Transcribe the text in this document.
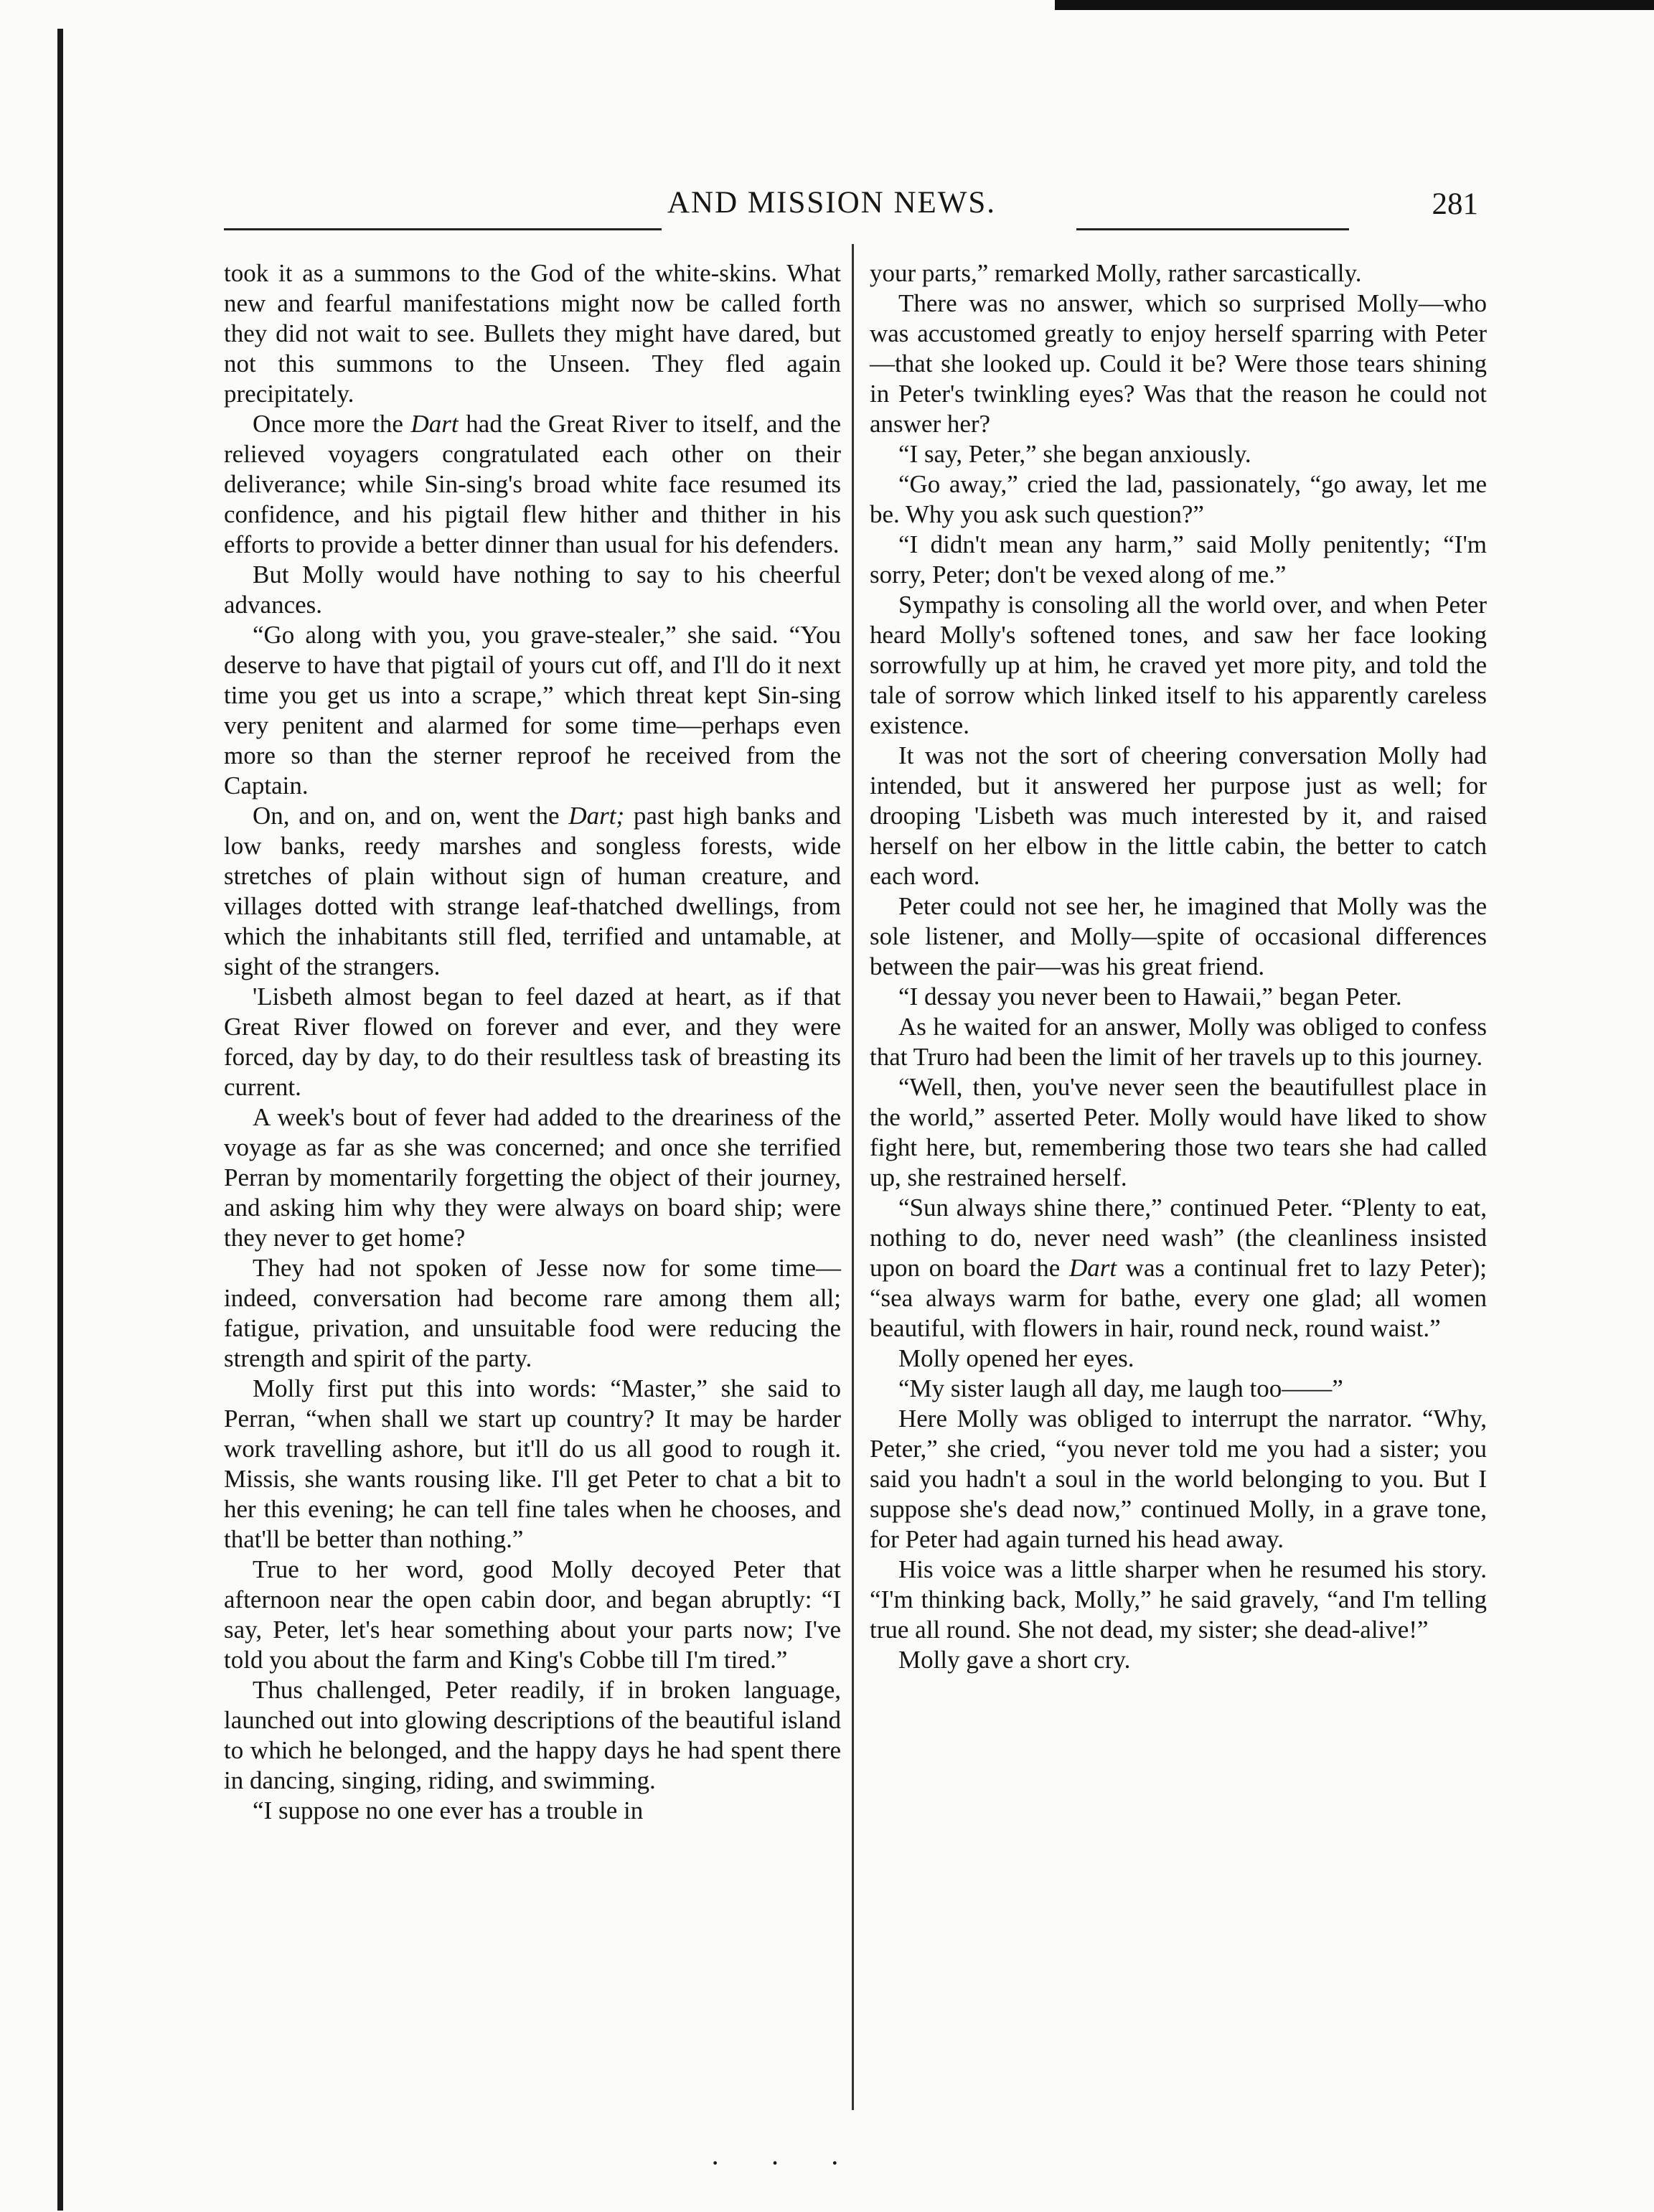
AND MISSION NEWS.	281

took it as a summons to the God of the white-skins. What new and fearful manifestations might now be called forth they did not wait to see. Bullets they might have dared, but not this summons to the Unseen. They fled again precipitately.

Once more the Dart had the Great River to itself, and the relieved voyagers congratulated each other on their deliverance; while Sin-sing's broad white face resumed its confidence, and his pigtail flew hither and thither in his efforts to provide a better dinner than usual for his defenders.

But Molly would have nothing to say to his cheerful advances.

“Go along with you, you grave-stealer,” she said. “You deserve to have that pigtail of yours cut off, and I'll do it next time you get us into a scrape,” which threat kept Sin-sing very penitent and alarmed for some time—perhaps even more so than the sterner reproof he received from the Captain.

On, and on, and on, went the Dart; past high banks and low banks, reedy marshes and songless forests, wide stretches of plain without sign of human creature, and villages dotted with strange leaf-thatched dwellings, from which the inhabitants still fled, terrified and untamable, at sight of the strangers.

'Lisbeth almost began to feel dazed at heart, as if that Great River flowed on forever and ever, and they were forced, day by day, to do their resultless task of breasting its current.

A week's bout of fever had added to the dreariness of the voyage as far as she was concerned; and once she terrified Perran by momentarily forgetting the object of their journey, and asking him why they were always on board ship; were they never to get home?

They had not spoken of Jesse now for some time—indeed, conversation had become rare among them all; fatigue, privation, and unsuitable food were reducing the strength and spirit of the party.

Molly first put this into words: “Master,” she said to Perran, “when shall we start up country? It may be harder work travelling ashore, but it'll do us all good to rough it. Missis, she wants rousing like. I'll get Peter to chat a bit to her this evening; he can tell fine tales when he chooses, and that'll be better than nothing.”

True to her word, good Molly decoyed Peter that afternoon near the open cabin door, and began abruptly: “I say, Peter, let's hear something about your parts now; I've told you about the farm and King's Cobbe till I'm tired.”

Thus challenged, Peter readily, if in broken language, launched out into glowing descriptions of the beautiful island to which he belonged, and the happy days he had spent there in dancing, singing, riding, and swimming.

“I suppose no one ever has a trouble in

your parts,” remarked Molly, rather sarcastically.

There was no answer, which so surprised Molly—who was accustomed greatly to enjoy herself sparring with Peter—that she looked up. Could it be? Were those tears shining in Peter's twinkling eyes? Was that the reason he could not answer her?

“I say, Peter,” she began anxiously.

“Go away,” cried the lad, passionately, “go away, let me be. Why you ask such question?”

“I didn't mean any harm,” said Molly penitently; “I'm sorry, Peter; don't be vexed along of me.”

Sympathy is consoling all the world over, and when Peter heard Molly's softened tones, and saw her face looking sorrowfully up at him, he craved yet more pity, and told the tale of sorrow which linked itself to his apparently careless existence.

It was not the sort of cheering conversation Molly had intended, but it answered her purpose just as well; for drooping 'Lisbeth was much interested by it, and raised herself on her elbow in the little cabin, the better to catch each word.

Peter could not see her, he imagined that Molly was the sole listener, and Molly—spite of occasional differences between the pair—was his great friend.

“I dessay you never been to Hawaii,” began Peter.

As he waited for an answer, Molly was obliged to confess that Truro had been the limit of her travels up to this journey.

“Well, then, you've never seen the beautifullest place in the world,” asserted Peter. Molly would have liked to show fight here, but, remembering those two tears she had called up, she restrained herself.

“Sun always shine there,” continued Peter. “Plenty to eat, nothing to do, never need wash” (the cleanliness insisted upon on board the Dart was a continual fret to lazy Peter); “sea always warm for bathe, every one glad; all women beautiful, with flowers in hair, round neck, round waist.”

Molly opened her eyes.

“My sister laugh all day, me laugh too——”

Here Molly was obliged to interrupt the narrator. “Why, Peter,” she cried, “you never told me you had a sister; you said you hadn't a soul in the world belonging to you. But I suppose she's dead now,” continued Molly, in a grave tone, for Peter had again turned his head away.

His voice was a little sharper when he resumed his story. “I'm thinking back, Molly,” he said gravely, “and I'm telling true all round. She not dead, my sister; she dead-alive!”

Molly gave a short cry.

· · ·
